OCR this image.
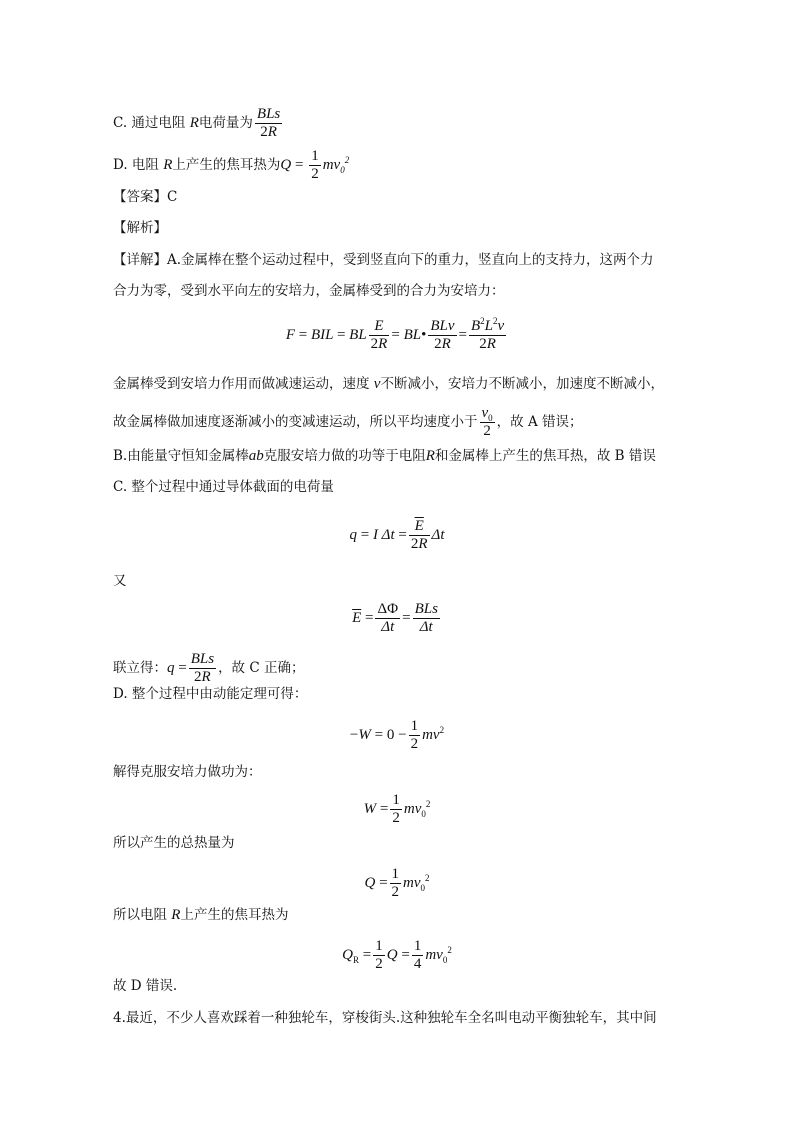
C. 通过电阻 R电荷量为 $\frac{\text{BLs}}{2R}$
D. 电阻 R上产生的焦耳热为$Q = \frac{1}{2} mv_0^2$
【答案】C
【解析】
【详解】A.金属棒在整个运动过程中，受到竖直向下的重力，竖直向上的支持力，这两个力
合力为零，受到水平向左的安培力，金属棒受到的合力为安培力：
F = BIL = BL $\frac{E}{2R}$ = BL• $\frac{\text{BLv}}{2R} = \frac{B^2L^2v}{2R}$
金属棒受到安培力作用而做减速运动，速度 v不断减小，安培力不断减小，加速度不断减小，
故金属棒做加速度逐渐减小的变减速运动，所以平均速度小于 $\frac{v_0}{2}$ ，故 A 错误；
B.由能量守恒知金属棒ab克服安培力做的功等于电阻R和金属棒上产生的焦耳热，故 B 错误
C. 整个过程中通过导体截面的电荷量
q = I $\Delta t = \frac{\overline{E}}{2R}$ Δt
又
$\overline{E} = \frac{\Delta\Phi}{\Delta t} = \frac{\text{BLs}}{\Delta t}$
联立得：$q = \frac{\text{BLs}}{2R}$ ，故 C 正确；
D. 整个过程中由动能定理可得：
$-W = 0 - \frac{1}{2} mv^2$
解得克服安培力做功为：
$W = \frac{1}{2} mv_0^2$
所以产生的总热量为
$Q = \frac{1}{2} mv_0^2$
所以电阻 R上产生的焦耳热为
$Q_R = \frac{1}{2}$ $Q = \frac{1}{4} mv_0^2$
故 D 错误.
4.最近，不少人喜欢踩着一种独轮车，穿梭街头.这种独轮车全名叫电动平衡独轮车，其中间
